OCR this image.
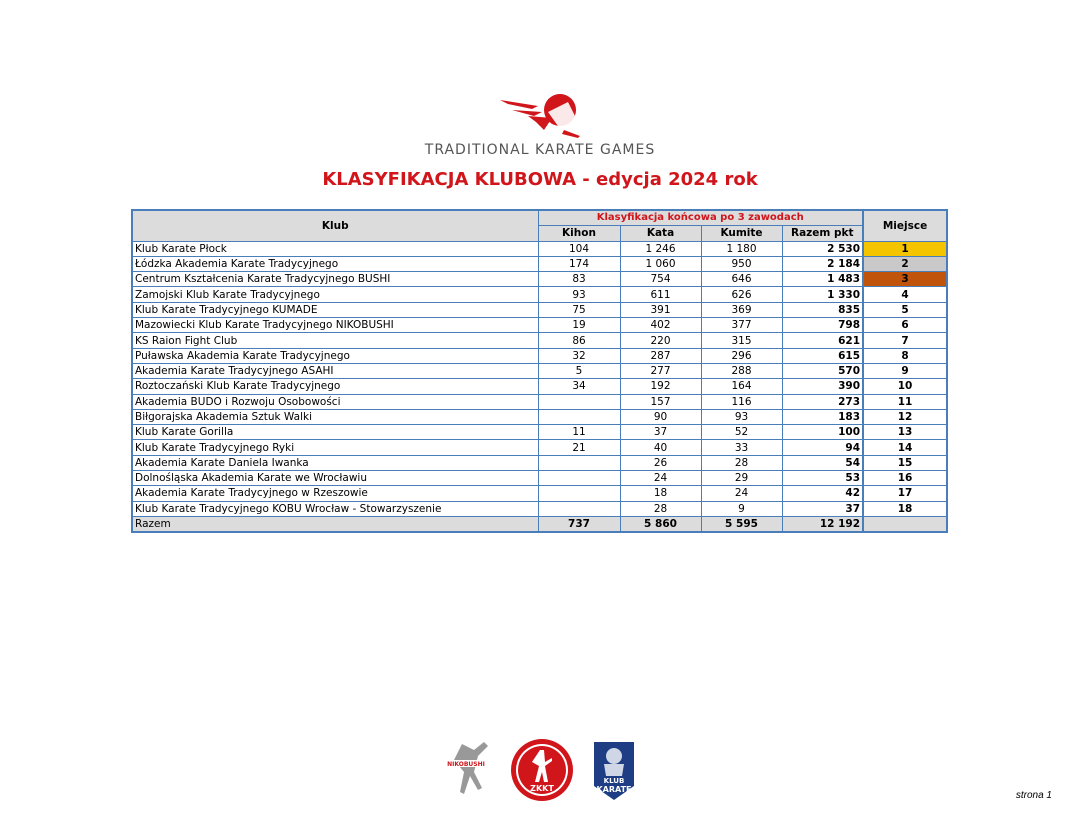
TRADITIONAL KARATE GAMES
KLASYFIKACJA KLUBOWA - edycja 2024 rok
Klub	Klasyfikacja końcowa po 3 zawodach				Miejsce
	Kihon	Kata	Kumite	Razem pkt	
Klub Karate Płock	104	1 246	1 180	2 530	1
Łódzka Akademia Karate Tradycyjnego	174	1 060	950	2 184	2
Centrum Kształcenia Karate Tradycyjnego BUSHI	83	754	646	1 483	3
Zamojski Klub Karate Tradycyjnego	93	611	626	1 330	4
Klub Karate Tradycyjnego KUMADE	75	391	369	835	5
Mazowiecki Klub Karate Tradycyjnego NIKOBUSHI	19	402	377	798	6
KS Raion Fight Club	86	220	315	621	7
Puławska Akademia Karate Tradycyjnego	32	287	296	615	8
Akademia Karate Tradycyjnego ASAHI	5	277	288	570	9
Roztoczański Klub Karate Tradycyjnego	34	192	164	390	10
Akademia BUDO i Rozwoju Osobowości		157	116	273	11
Biłgorajska Akademia Sztuk Walki		90	93	183	12
Klub Karate Gorilla	11	37	52	100	13
Klub Karate Tradycyjnego Ryki	21	40	33	94	14
Akademia Karate Daniela Iwanka		26	28	54	15
Dolnośląska Akademia Karate we Wrocławiu		24	29	53	16
Akademia Karate Tradycyjnego w Rzeszowie		18	24	42	17
Klub Karate Tradycyjnego KOBU Wrocław - Stowarzyszenie		28	9	37	18
Razem	737	5 860	5 595	12 192	
NIKOBUSHI
ZKKT
KLUB
KARATE
strona 1
